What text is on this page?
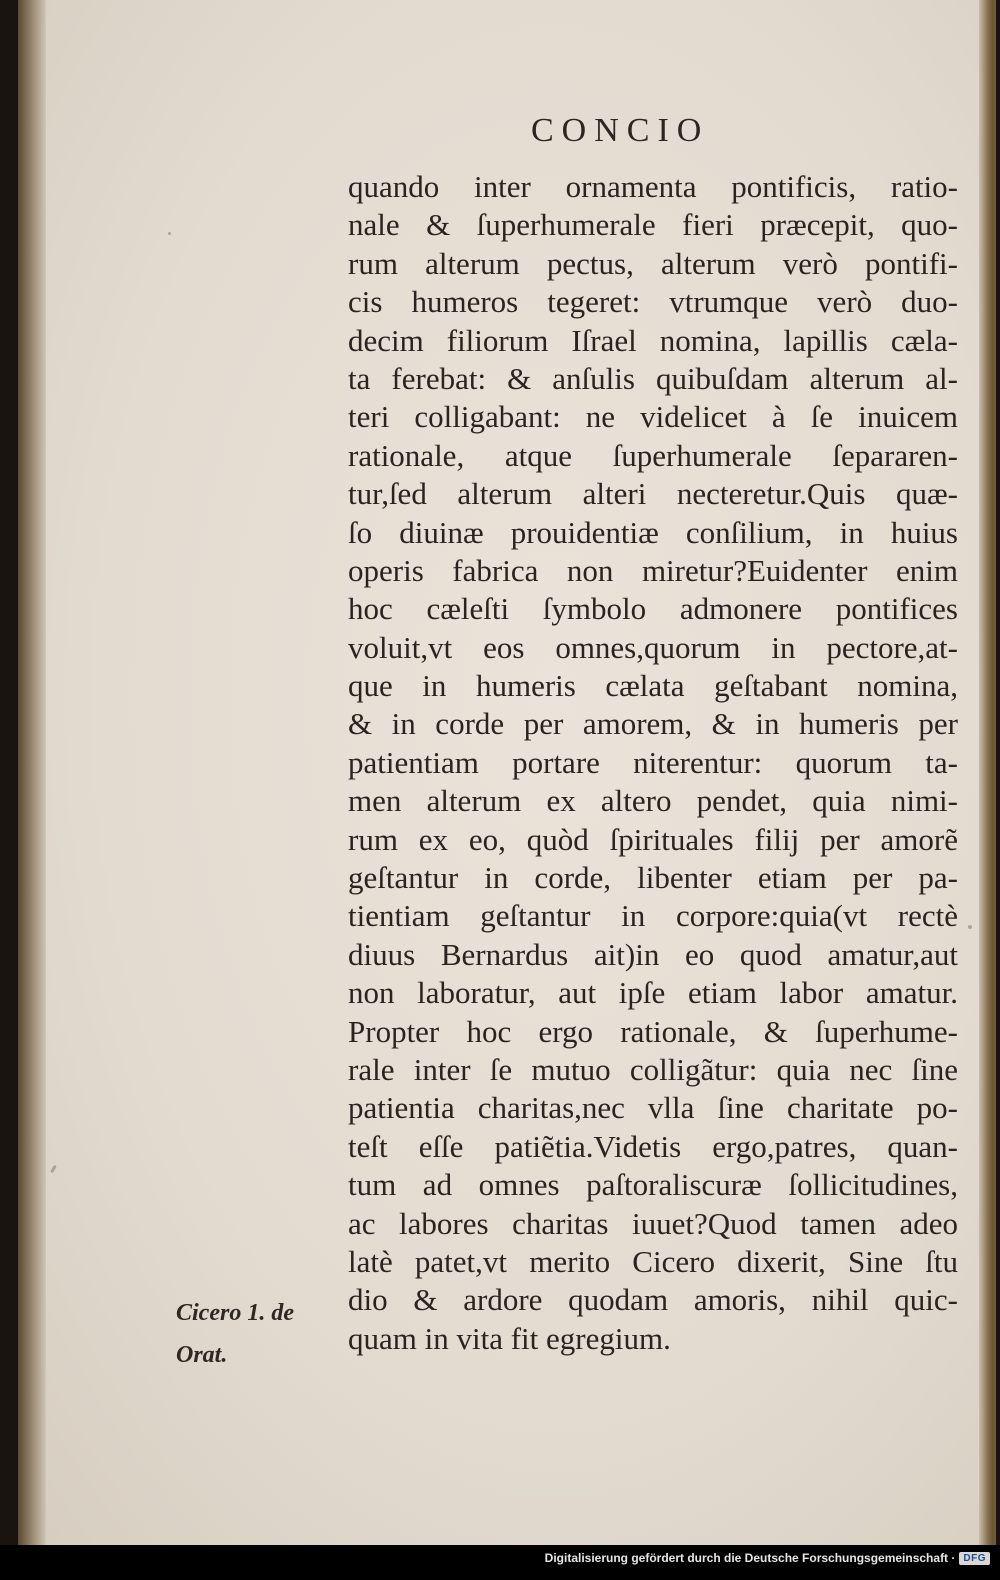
CONCIO
quando inter ornamenta pontificis, ratio-
nale & ſuperhumerale fieri præcepit, quo-
rum alterum pectus, alterum verò pontifi-
cis humeros tegeret: vtrumque verò duo-
decim filiorum Iſrael nomina, lapillis cæla-
ta ferebat: & anſulis quibuſdam alterum al-
teri colligabant: ne videlicet à ſe inuicem
rationale, atque ſuperhumerale ſepararen-
tur,ſed alterum alteri necteretur.Quis quæ-
ſo diuinæ prouidentiæ conſilium, in huius
operis fabrica non miretur?Euidenter enim
hoc cæleſti ſymbolo admonere pontifices
voluit,vt eos omnes,quorum in pectore,at-
que in humeris cælata geſtabant nomina,
& in corde per amorem, & in humeris per
patientiam portare niterentur: quorum ta-
men alterum ex altero pendet, quia nimi-
rum ex eo, quòd ſpirituales filij per amorẽ
geſtantur in corde, libenter etiam per pa-
tientiam geſtantur in corpore:quia(vt rectè
diuus Bernardus ait)in eo quod amatur,aut
non laboratur, aut ipſe etiam labor amatur.
Propter hoc ergo rationale, & ſuperhume-
rale inter ſe mutuo colligãtur: quia nec ſine
patientia charitas,nec vlla ſine charitate po-
teſt eſſe patiẽtia.Videtis ergo,patres, quan-
tum ad omnes paſtoraliscuræ ſollicitudines,
ac labores charitas iuuet?Quod tamen adeo
latè patet,vt merito Cicero dixerit, Sine ſtu
dio & ardore quodam amoris, nihil quic-
quam in vita fit egregium.
Cicero 1. de
Orat.
Digitalisierung gefördert durch die Deutsche Forschungsgemeinschaft · DFG
